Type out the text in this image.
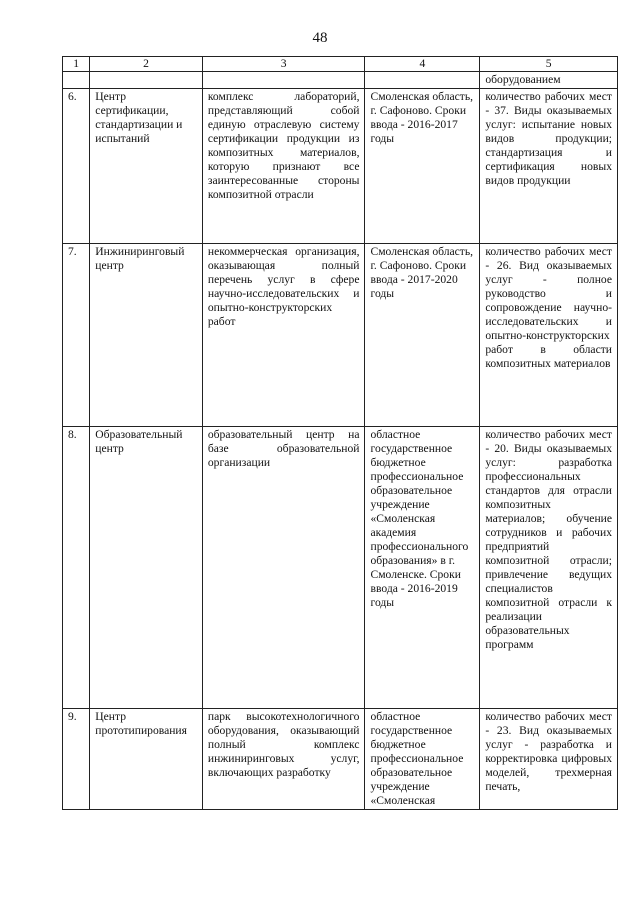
48
1	2	3	4	5
				оборудованием
6.	Центр сертификации, стандартизации и испытаний	комплекс лабораторий, представляющий собой единую отраслевую систему сертификации продукции из композитных материалов, которую признают все заинтересованные стороны композитной отрасли	Смоленская область, г. Сафоново. Сроки ввода - 2016-2017 годы	количество рабочих мест - 37. Виды оказываемых услуг: испытание новых видов продукции; стандартизация и сертификация новых видов продукции
7.	Инжиниринговый центр	некоммерческая организация, оказывающая полный перечень услуг в сфере научно-исследовательских и опытно-конструкторских работ	Смоленская область, г. Сафоново. Сроки ввода - 2017-2020 годы	количество рабочих мест - 26. Вид оказываемых услуг - полное руководство и сопровождение научно-исследовательских и опытно-конструкторских работ в области композитных материалов
8.	Образовательный центр	образовательный центр на базе образовательной организации	областное государственное бюджетное профессиональное образовательное учреждение «Смоленская академия профессионального образования» в г. Смоленске. Сроки ввода - 2016-2019 годы	количество рабочих мест - 20. Виды оказываемых услуг: разработка профессиональных стандартов для отрасли композитных материалов; обучение сотрудников и рабочих предприятий композитной отрасли; привлечение ведущих специалистов композитной отрасли к реализации образовательных программ
9.	Центр прототипирования	парк высокотехнологичного оборудования, оказывающий полный комплекс инжиниринговых услуг, включающих разработку	областное государственное бюджетное профессиональное образовательное учреждение «Смоленская	количество рабочих мест - 23. Вид оказываемых услуг - разработка и корректировка цифровых моделей, трехмерная печать,
